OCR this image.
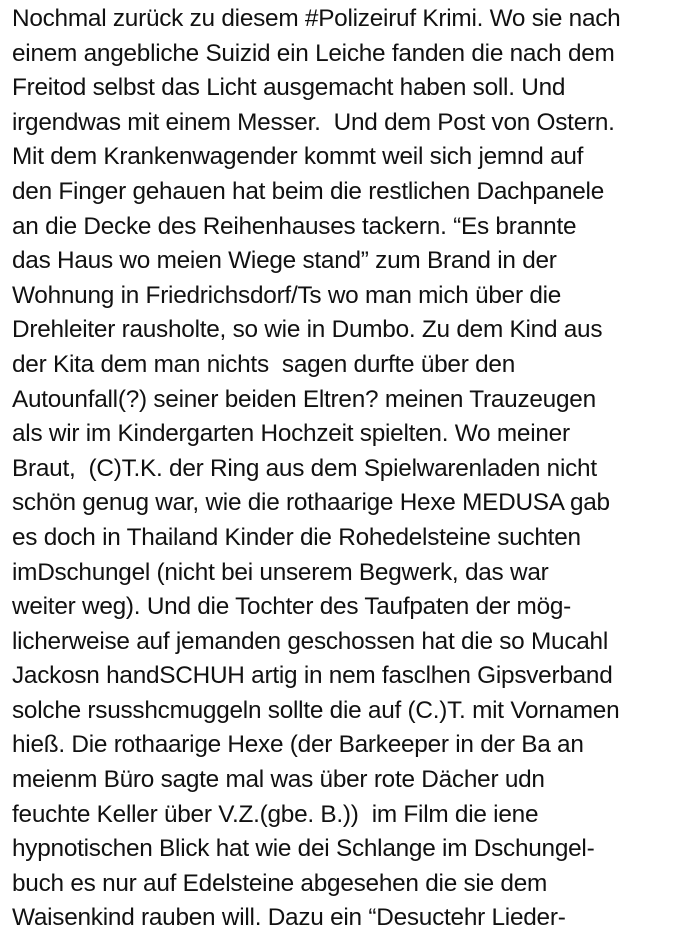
Nochmal zurück zu diesem #Polizeiruf Krimi. Wo sie nach
einem angebliche Suizid ein Leiche fanden die nach dem
Freitod selbst das Licht ausgemacht haben soll. Und
irgendwas mit einem Messer.  Und dem Post von Ostern.
Mit dem Krankenwagender kommt weil sich jemnd auf
den Finger gehauen hat beim die restlichen Dachpanele
an die Decke des Reihenhauses tackern. “Es brannte
das Haus wo meien Wiege stand” zum Brand in der
Wohnung in Friedrichsdorf/Ts wo man mich über die
Drehleiter rausholte, so wie in Dumbo. Zu dem Kind aus
der Kita dem man nichts  sagen durfte über den
Autounfall(?) seiner beiden Eltren? meinen Trauzeugen
als wir im Kindergarten Hochzeit spielten. Wo meiner
Braut,  (C)T.K. der Ring aus dem Spielwarenladen nicht
schön genug war, wie die rothaarige Hexe MEDUSA gab
es doch in Thailand Kinder die Rohedelsteine suchten
imDschungel (nicht bei unserem Begwerk, das war
weiter weg). Und die Tochter des Taufpaten der mög-
licherweise auf jemanden geschossen hat die so Mucahl
Jackosn handSCHUH artig in nem fasclhen Gipsverband
solche rsusshcmuggeln sollte die auf (C.)T. mit Vornamen
hieß. Die rothaarige Hexe (der Barkeeper in der Ba an
meienm Büro sagte mal was über rote Dächer udn
feuchte Keller über V.Z.(gbe. B.))  im Film die iene
hypnotischen Blick hat wie dei Schlange im Dschungel-
buch es nur auf Edelsteine abgesehen die sie dem
Waisenkind rauben will. Dazu ein “Desuctehr Lieder-
